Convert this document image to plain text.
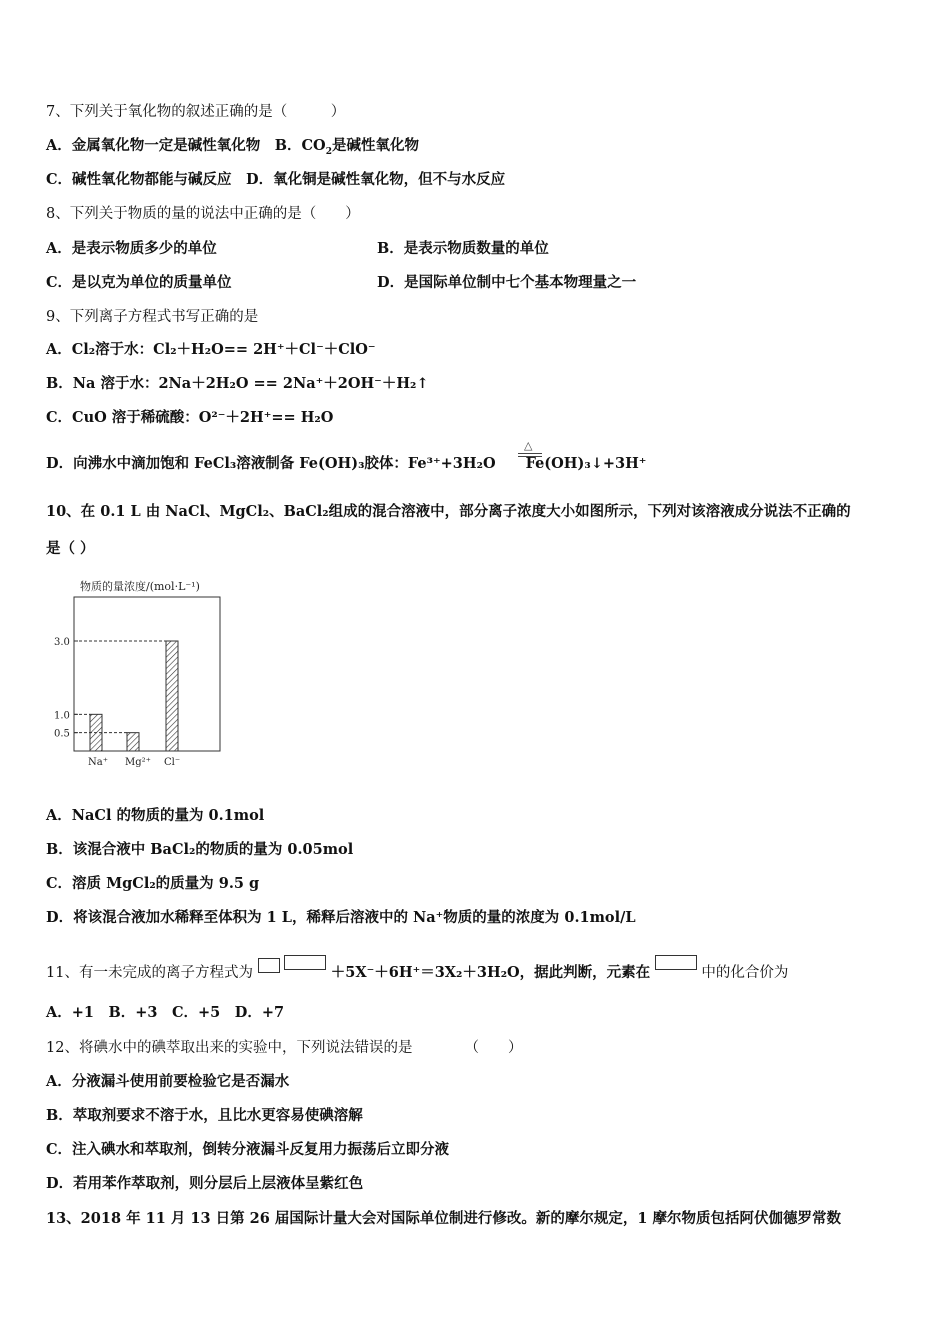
7、下列关于氧化物的叙述正确的是（　　　）
A．金属氧化物一定是碱性氧化物　B．$CO_2$是碱性氧化物
C．碱性氧化物都能与碱反应　D．氧化铜是碱性氧化物，但不与水反应
8、下列关于物质的量的说法中正确的是（　　）
A．是表示物质多少的单位	B．是表示物质数量的单位
C．是以克为单位的质量单位	D．是国际单位制中七个基本物理量之一
9、下列离子方程式书写正确的是
A．Cl₂溶于水：Cl₂＋H₂O== 2H⁺＋Cl⁻＋ClO⁻
B．Na 溶于水：2Na＋2H₂O == 2Na⁺＋2OH⁻＋H₂↑
C．CuO 溶于稀硫酸：O²⁻＋2H⁺== H₂O
D．向沸水中滴加饱和 FeCl₃溶液制备 Fe(OH)₃胶体：Fe³⁺+3H₂O Fe(OH)₃↓+3H⁺
△
10、在 0.1 L 由 NaCl、MgCl₂、BaCl₂组成的混合溶液中，部分离子浓度大小如图所示，下列对该溶液成分说法不正确的
是（ ）
物质的量浓度/(mol·L⁻¹)
3.0
1.0
0.5
Na⁺ Mg²⁺ Cl⁻
A．NaCl 的物质的量为 0.1mol
B．该混合液中 BaCl₂的物质的量为 0.05mol
C．溶质 MgCl₂的质量为 9.5 g
D．将该混合液加水稀释至体积为 1 L，稀释后溶液中的 Na⁺物质的量的浓度为 0.1mol/L
11、有一未完成的离子方程式为	＋5X⁻＋6H⁺＝3X₂＋3H₂O，据此判断，元素在	中的化合价为
A．+1　B．+3　C．+5　D．+7
12、将碘水中的碘萃取出来的实验中，下列说法错误的是	（　　）
A．分液漏斗使用前要检验它是否漏水
B．萃取剂要求不溶于水，且比水更容易使碘溶解
C．注入碘水和萃取剂，倒转分液漏斗反复用力振荡后立即分液
D．若用苯作萃取剂，则分层后上层液体呈紫红色
13、2018 年 11 月 13 日第 26 届国际计量大会对国际单位制进行修改。新的摩尔规定，1 摩尔物质包括阿伏伽德罗常数
